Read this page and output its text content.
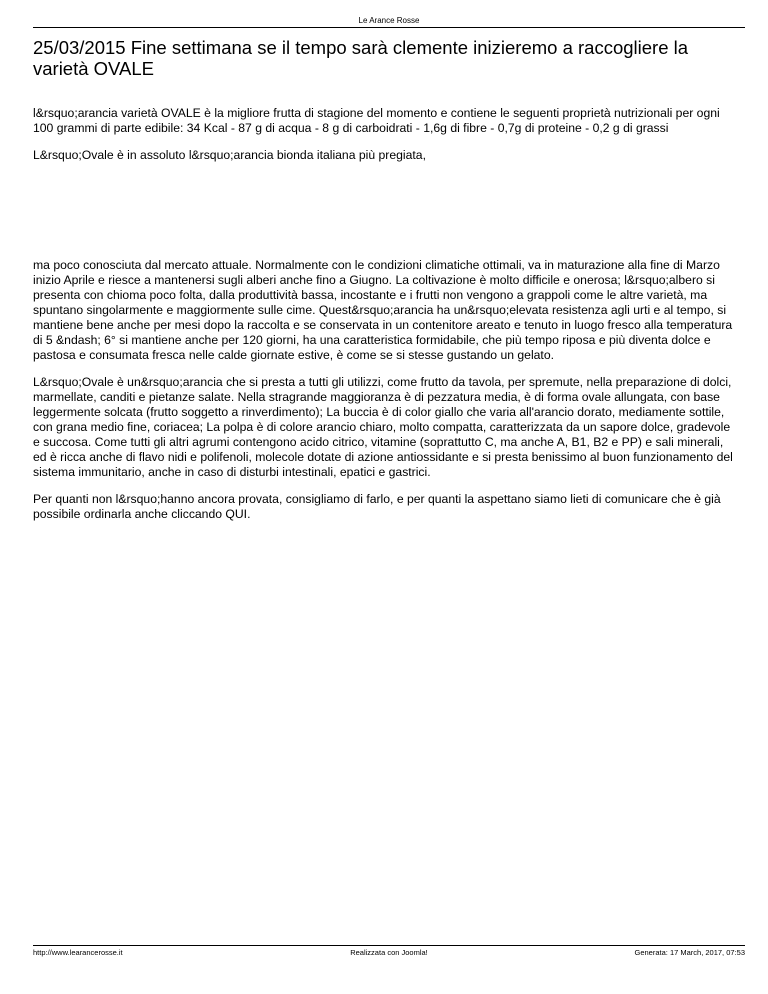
Le Arance Rosse
25/03/2015 Fine settimana se il tempo sarà clemente inizieremo a raccogliere la varietà OVALE

l&rsquo;arancia varietà OVALE è la migliore frutta di stagione del momento e contiene le seguenti proprietà nutrizionali per ogni 100 grammi di parte edibile: 34 Kcal - 87 g di acqua - 8 g di carboidrati - 1,6g di fibre - 0,7g di proteine - 0,2 g di grassi

L&rsquo;Ovale è in assoluto l&rsquo;arancia bionda italiana più pregiata,

ma poco conosciuta dal mercato attuale. Normalmente con le condizioni climatiche ottimali, va in maturazione alla fine di Marzo inizio Aprile e riesce a mantenersi sugli alberi anche fino a Giugno. La coltivazione è molto difficile e onerosa; l&rsquo;albero si presenta con chioma poco folta, dalla produttività bassa, incostante e i frutti non vengono a grappoli come le altre varietà, ma spuntano singolarmente e maggiormente sulle cime. Quest&rsquo;arancia ha un&rsquo;elevata resistenza agli urti e al tempo, si mantiene bene anche per mesi dopo la raccolta e se conservata in un contenitore areato e tenuto in luogo fresco alla temperatura di 5 &ndash; 6° si mantiene anche per 120 giorni, ha una caratteristica formidabile, che più tempo riposa e più diventa dolce e pastosa e consumata fresca nelle calde giornate estive, è come se si stesse gustando un gelato.

L&rsquo;Ovale è un&rsquo;arancia che si presta a tutti gli utilizzi, come frutto da tavola, per spremute, nella preparazione di dolci, marmellate, canditi e pietanze salate. Nella stragrande maggioranza è di pezzatura media, è di forma ovale allungata, con base leggermente solcata (frutto soggetto a rinverdimento); La buccia è di color giallo che varia all'arancio dorato, mediamente sottile, con grana medio fine, coriacea; La polpa è di colore arancio chiaro, molto compatta, caratterizzata da un sapore dolce, gradevole e succosa. Come tutti gli altri agrumi contengono acido citrico, vitamine (soprattutto C, ma anche A, B1, B2 e PP) e sali minerali, ed è ricca anche di flavo nidi e polifenoli, molecole dotate di azione antiossidante e si presta benissimo al buon funzionamento del sistema immunitario, anche in caso di disturbi intestinali, epatici e gastrici.

Per quanti non l&rsquo;hanno ancora provata, consigliamo di farlo, e per quanti la aspettano siamo lieti di comunicare che è già possibile ordinarla anche cliccando QUI.

Realizzata con Joomla!
http://www.learancerosse.it	Generata: 17 March, 2017, 07:53
